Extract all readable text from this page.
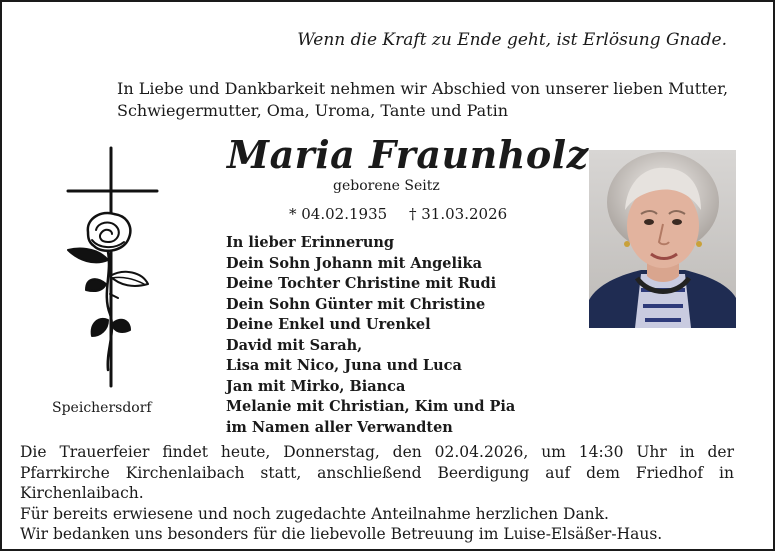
Wenn die Kraft zu Ende geht, ist Erlösung Gnade.
In Liebe und Dankbarkeit nehmen wir Abschied von unserer lieben Mutter, Schwiegermutter, Oma, Uroma, Tante und Patin
Maria Fraunholz
geborene Seitz
* 04.02.1935 † 31.03.2026
In lieber Erinnerung
Dein Sohn Johann mit Angelika
Deine Tochter Christine mit Rudi
Dein Sohn Günter mit Christine
Deine Enkel und Urenkel
David mit Sarah,
Lisa mit Nico, Juna und Luca
Jan mit Mirko, Bianca
Melanie mit Christian, Kim und Pia
im Namen aller Verwandten
Speichersdorf
Die Trauerfeier findet heute, Donnerstag, den 02.04.2026, um 14:30 Uhr in der Pfarrkirche Kirchenlaibach statt, anschließend Beerdigung auf dem Friedhof in Kirchenlaibach.
Für bereits erwiesene und noch zugedachte Anteilnahme herzlichen Dank.
Wir bedanken uns besonders für die liebevolle Betreuung im Luise-Elsäßer-Haus.
